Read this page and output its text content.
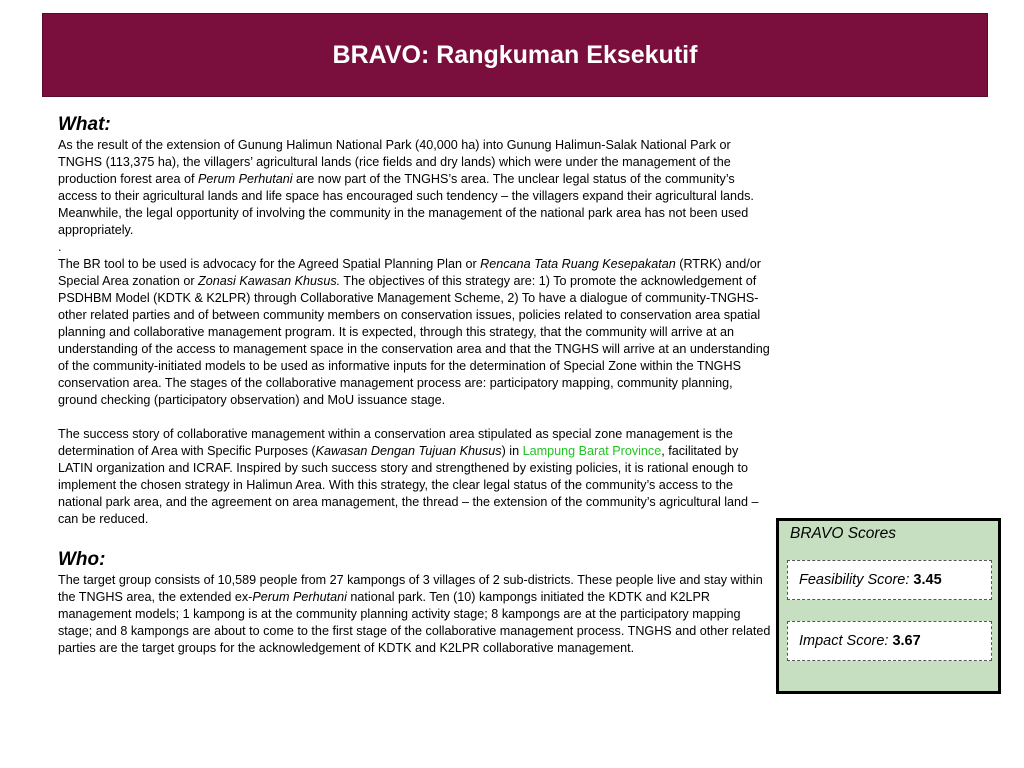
BRAVO: Rangkuman Eksekutif

What:

As the result of the extension of Gunung Halimun National Park (40,000 ha) into Gunung Halimun-Salak National Park or TNGHS (113,375 ha), the villagers’ agricultural lands (rice fields and dry lands) which were under the management of the production forest area of Perum Perhutani are now part of the TNGHS’s area. The unclear legal status of the community’s access to their agricultural lands and life space has encouraged such tendency – the villagers expand their agricultural lands. Meanwhile, the legal opportunity of involving the community in the management of the national park area has not been used appropriately.

.

The BR tool to be used is advocacy for the Agreed Spatial Planning Plan or Rencana Tata Ruang Kesepakatan (RTRK) and/or Special Area zonation or Zonasi Kawasan Khusus. The objectives of this strategy are: 1) To promote the acknowledgement of PSDHBM Model (KDTK & K2LPR) through Collaborative Management Scheme, 2) To have a dialogue of community-TNGHS-other related parties and of between community members on conservation issues, policies related to conservation area spatial planning and collaborative management program. It is expected, through this strategy, that the community will arrive at an understanding of the access to management space in the conservation area and that the TNGHS will arrive at an understanding of the community-initiated models to be used as informative inputs for the determination of Special Zone within the TNGHS conservation area. The stages of the collaborative management process are: participatory mapping, community planning, ground checking (participatory observation) and MoU issuance stage.

The success story of collaborative management within a conservation area stipulated as special zone management is the determination of Area with Specific Purposes (Kawasan Dengan Tujuan Khusus) in Lampung Barat Province, facilitated by LATIN organization and ICRAF. Inspired by such success story and strengthened by existing policies, it is rational enough to implement the chosen strategy in Halimun Area. With this strategy, the clear legal status of the community’s access to the national park area, and the agreement on area management, the thread – the extension of the community’s agricultural land – can be reduced.

Who:

The target group consists of 10,589 people from 27 kampongs of 3 villages of 2 sub-districts. These people live and stay within the TNGHS area, the extended ex-Perum Perhutani national park. Ten (10) kampongs initiated the KDTK and K2LPR management models; 1 kampong is at the community planning activity stage; 8 kampongs are at the participatory mapping stage; and 8 kampongs are about to come to the first stage of the collaborative management process. TNGHS and other related parties are the target groups for the acknowledgement of KDTK and K2LPR collaborative management.

BRAVO Scores
Feasibility Score: 3.45
Impact Score: 3.67
